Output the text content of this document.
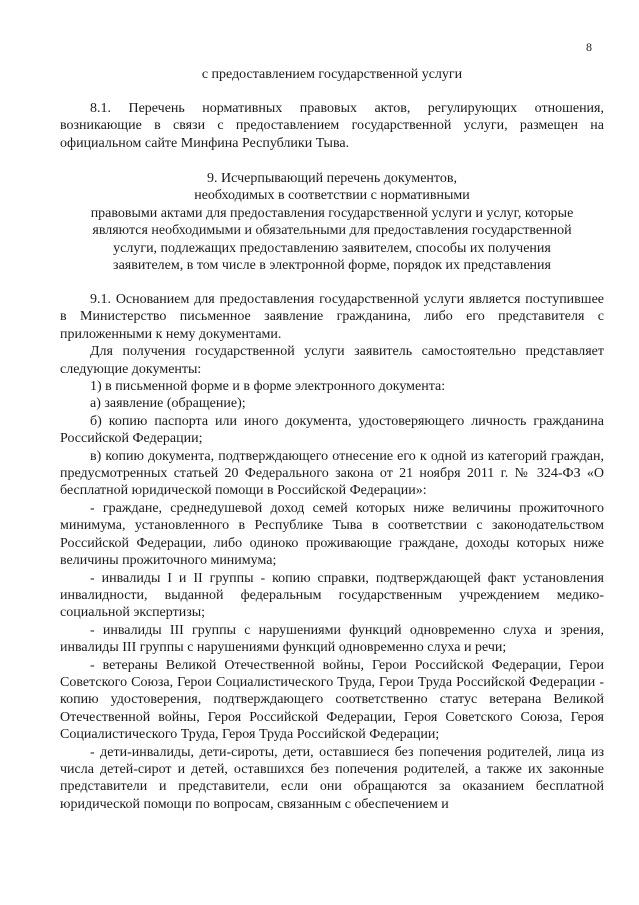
8
с предоставлением государственной услуги

8.1. Перечень нормативных правовых актов, регулирующих отношения, возникающие в связи с предоставлением государственной услуги, размещен на официальном сайте Минфина Республики Тыва.

9. Исчерпывающий перечень документов,
необходимых в соответствии с нормативными
правовыми актами для предоставления государственной услуги и услуг, которые
являются необходимыми и обязательными для предоставления государственной
услуги, подлежащих предоставлению заявителем, способы их получения
заявителем, в том числе в электронной форме, порядок их представления

9.1. Основанием для предоставления государственной услуги является поступившее в Министерство письменное заявление гражданина, либо его представителя с приложенными к нему документами.

Для получения государственной услуги заявитель самостоятельно представляет следующие документы:

1) в письменной форме и в форме электронного документа:

а) заявление (обращение);

б) копию паспорта или иного документа, удостоверяющего личность гражданина Российской Федерации;

в) копию документа, подтверждающего отнесение его к одной из категорий граждан, предусмотренных статьей 20 Федерального закона от 21 ноября 2011 г. № 324-ФЗ «О бесплатной юридической помощи в Российской Федерации»:

- граждане, среднедушевой доход семей которых ниже величины прожиточного минимума, установленного в Республике Тыва в соответствии с законодательством Российской Федерации, либо одиноко проживающие граждане, доходы которых ниже величины прожиточного минимума;

- инвалиды I и II группы - копию справки, подтверждающей факт установления инвалидности, выданной федеральным государственным учреждением медико-социальной экспертизы;

- инвалиды III группы с нарушениями функций одновременно слуха и зрения,
инвалиды III группы с нарушениями функций одновременно слуха и речи;

- ветераны Великой Отечественной войны, Герои Российской Федерации, Герои Советского Союза, Герои Социалистического Труда, Герои Труда Российской Федерации - копию удостоверения, подтверждающего соответственно статус ветерана Великой Отечественной войны, Героя Российской Федерации, Героя Советского Союза, Героя Социалистического Труда, Героя Труда Российской Федерации;

- дети-инвалиды, дети-сироты, дети, оставшиеся без попечения родителей, лица из числа детей-сирот и детей, оставшихся без попечения родителей, а также их законные представители и представители, если они обращаются за оказанием бесплатной юридической помощи по вопросам, связанным с обеспечением и
